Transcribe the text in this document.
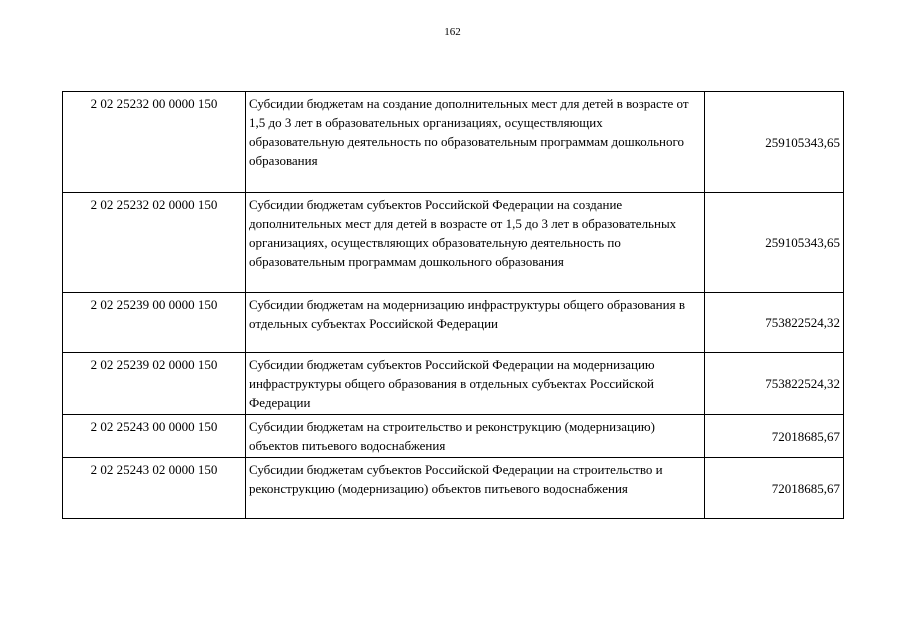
162
2 02 25232 00 0000 150	Субсидии бюджетам на создание дополнительных мест для детей в возрасте от 1,5 до 3 лет в образовательных организациях, осуществляющих образовательную деятельность по образовательным программам дошкольного образования	259105343,65
2 02 25232 02 0000 150	Субсидии бюджетам субъектов Российской Федерации на создание дополнительных мест для детей в возрасте от 1,5 до 3 лет в образовательных организациях, осуществляющих образовательную деятельность по образовательным программам дошкольного образования	259105343,65
2 02 25239 00 0000 150	Субсидии бюджетам на модернизацию инфраструктуры общего образования в отдельных субъектах Российской Федерации	753822524,32
2 02 25239 02 0000 150	Субсидии бюджетам субъектов Российской Федерации на модернизацию инфраструктуры общего образования в отдельных субъектах Российской Федерации	753822524,32
2 02 25243 00 0000 150	Субсидии бюджетам на строительство и реконструкцию (модернизацию) объектов питьевого водоснабжения	72018685,67
2 02 25243 02 0000 150	Субсидии бюджетам субъектов Российской Федерации на строительство и реконструкцию (модернизацию) объектов питьевого водоснабжения	72018685,67
